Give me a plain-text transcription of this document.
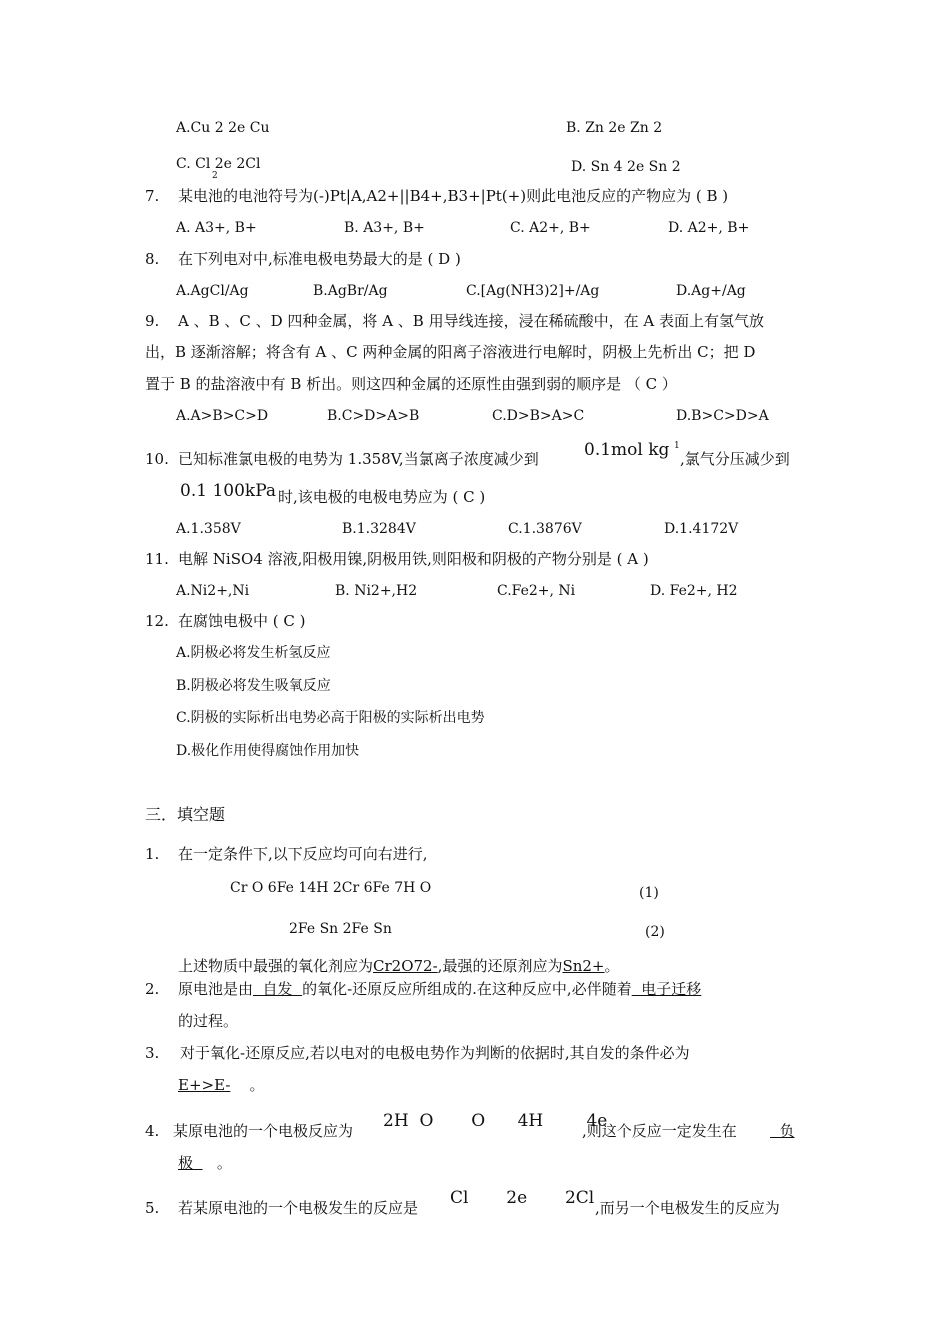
A.Cu 2 2e Cu	B. Zn 2e Zn 2
C. Cl 2e 2Cl
2
D. Sn 4 2e Sn 2
7. 某电池的电池符号为(-)Pt|A,A2+||B4+,B3+|Pt(+)则此电池反应的产物应为 ( B )
A. A3+, B+	B. A3+, B+	C. A2+, B+	D. A2+, B+
8. 在下列电对中,标准电极电势最大的是 ( D )
A.AgCl/Ag	B.AgBr/Ag	C.[Ag(NH3)2]+/Ag	D.Ag+/Ag
9. A 、B 、C 、D 四种金属，将 A 、B 用导线连接，浸在稀硫酸中，在 A 表面上有氢气放
出，B 逐渐溶解；将含有 A 、C 两种金属的阳离子溶液进行电解时，阴极上先析出 C；把 D
置于 B 的盐溶液中有 B 析出。则这四种金属的还原性由强到弱的顺序是 （ C ）
A.A>B>C>D	B.C>D>A>B	C.D>B>A>C	D.B>C>D>A
10. 已知标准氯电极的电势为 1.358V,当氯离子浓度减少到	0.1mol kg 1
,氯气分压减少到
0.1 100kPa 时,该电极的电极电势应为 ( C )
A.1.358V	B.1.3284V	C.1.3876V	D.1.4172V
11. 电解 NiSO4 溶液,阳极用镍,阴极用铁,则阳极和阴极的产物分别是 ( A )
A.Ni2+,Ni	B. Ni2+,H2	C.Fe2+, Ni	D. Fe2+, H2
12. 在腐蚀电极中 ( C )
A.阴极必将发生析氢反应
B.阴极必将发生吸氧反应
C.阴极的实际析出电势必高于阳极的实际析出电势
D.极化作用使得腐蚀作用加快
三．填空题
1. 在一定条件下,以下反应均可向右进行,
Cr O 6Fe 14H 2Cr 6Fe 7H O	(1)
2Fe Sn 2Fe Sn	(2)
上述物质中最强的氧化剂应为Cr2O72-,最强的还原剂应为Sn2+。
2. 原电池是由  自发  的氧化-还原反应所组成的.在这种反应中,必伴随着  电子迁移
的过程。
3. 对于氧化-还原反应,若以电对的电极电势作为判断的依据时,其自发的条件必为
E+>E- 。
4. 某原电池的一个电极反应为 2H  O       O      4H        4e
,则这个反应一定发生在 负
极     。
5. 若某原电池的一个电极发生的反应是 Cl       2e       2Cl ,而另一个电极发生的反应为
